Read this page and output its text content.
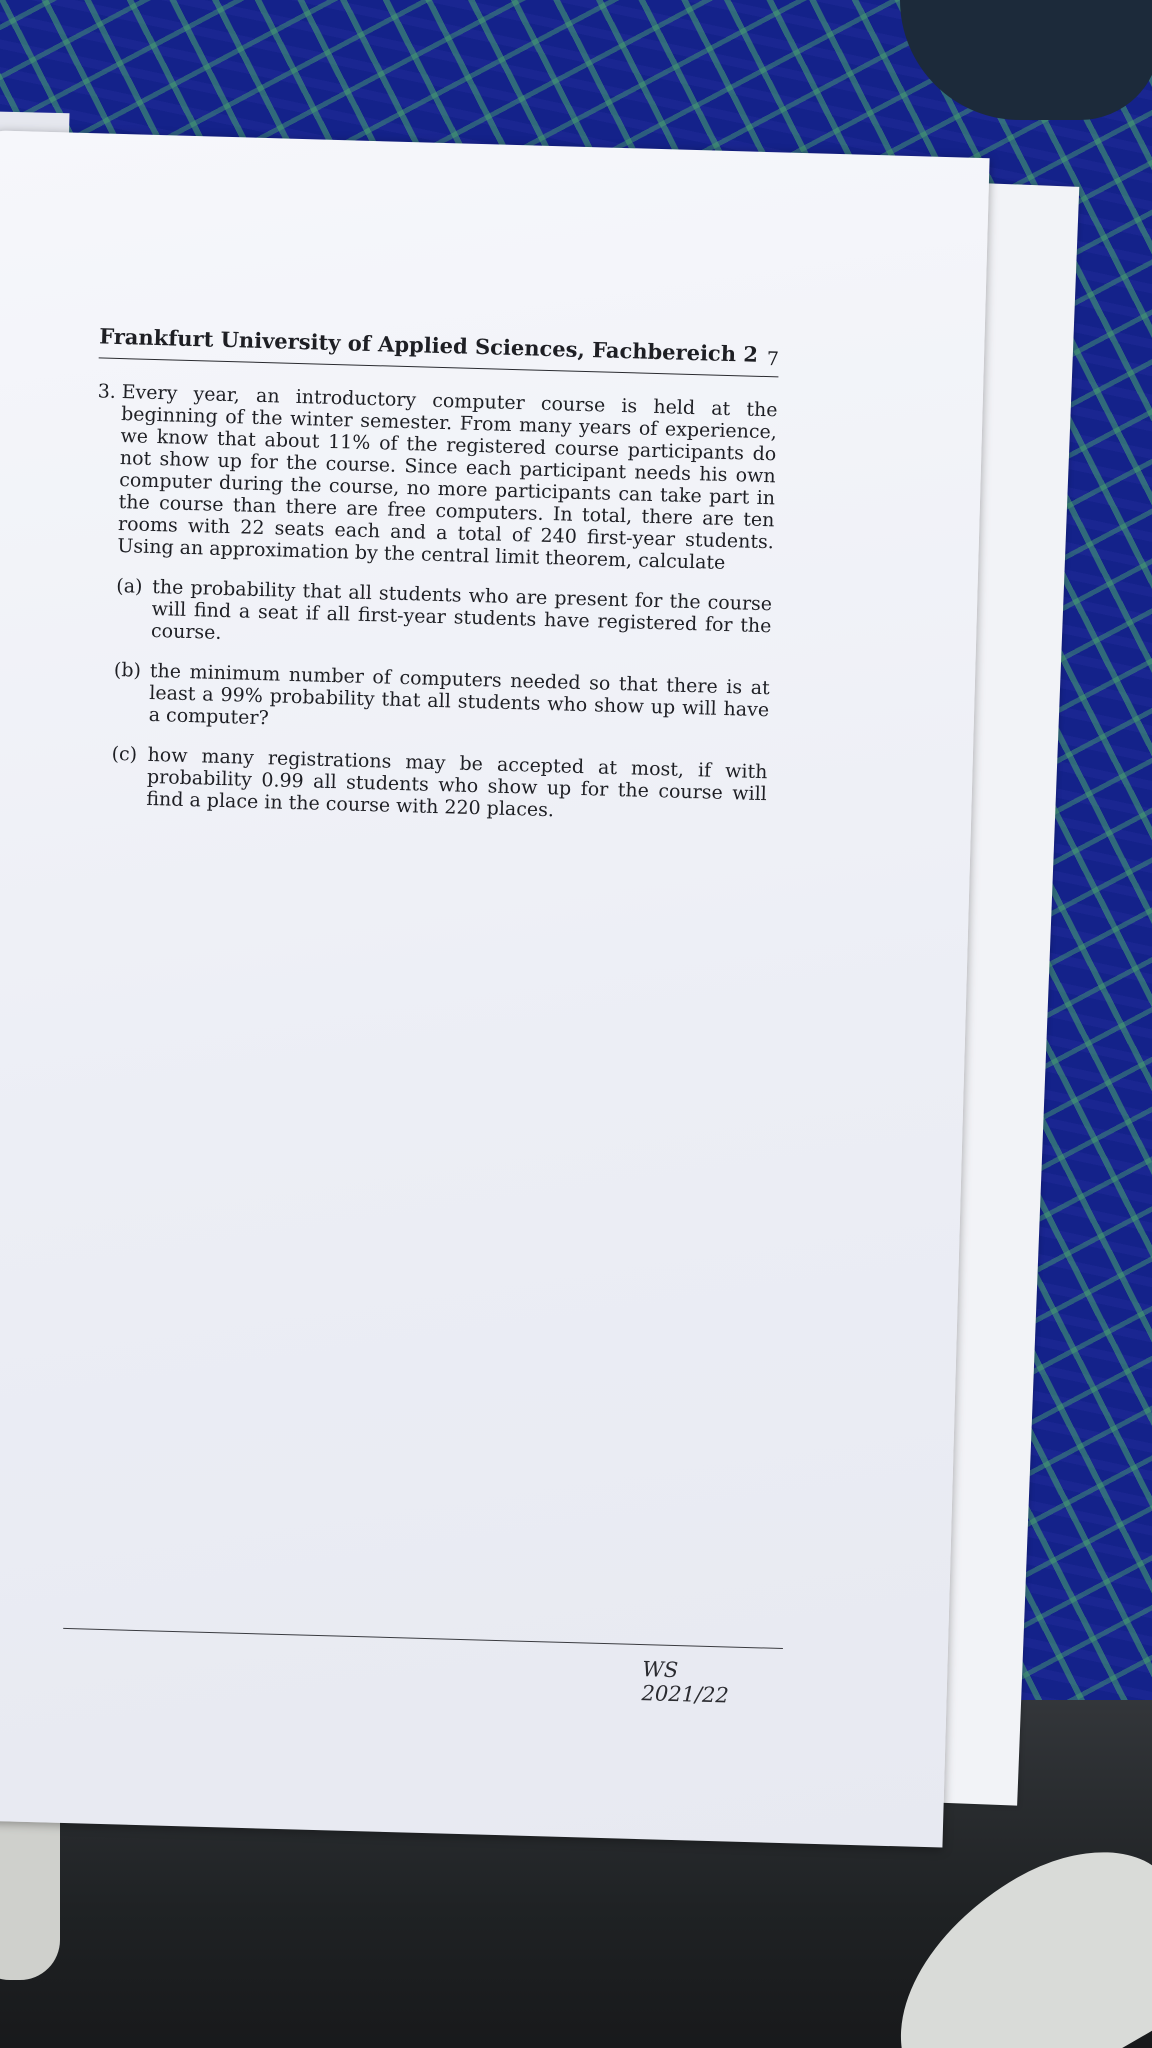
Frankfurt University of Applied Sciences, Fachbereich 2 7
3. Every year, an introductory computer course is held at the beginning of the winter semester. From many years of experience, we know that about 11% of the registered course participants do not show up for the course. Since each participant needs his own computer during the course, no more participants can take part in the course than there are free computers. In total, there are ten rooms with 22 seats each and a total of 240 first-year students. Using an approximation by the central limit theorem, calculate
(a) the probability that all students who are present for the course will find a seat if all first-year students have registered for the course.
(b) the minimum number of computers needed so that there is at least a 99% probability that all students who show up will have a computer?
(c) how many registrations may be accepted at most, if with probability 0.99 all students who show up for the course will find a place in the course with 220 places.
WS 2021/22
